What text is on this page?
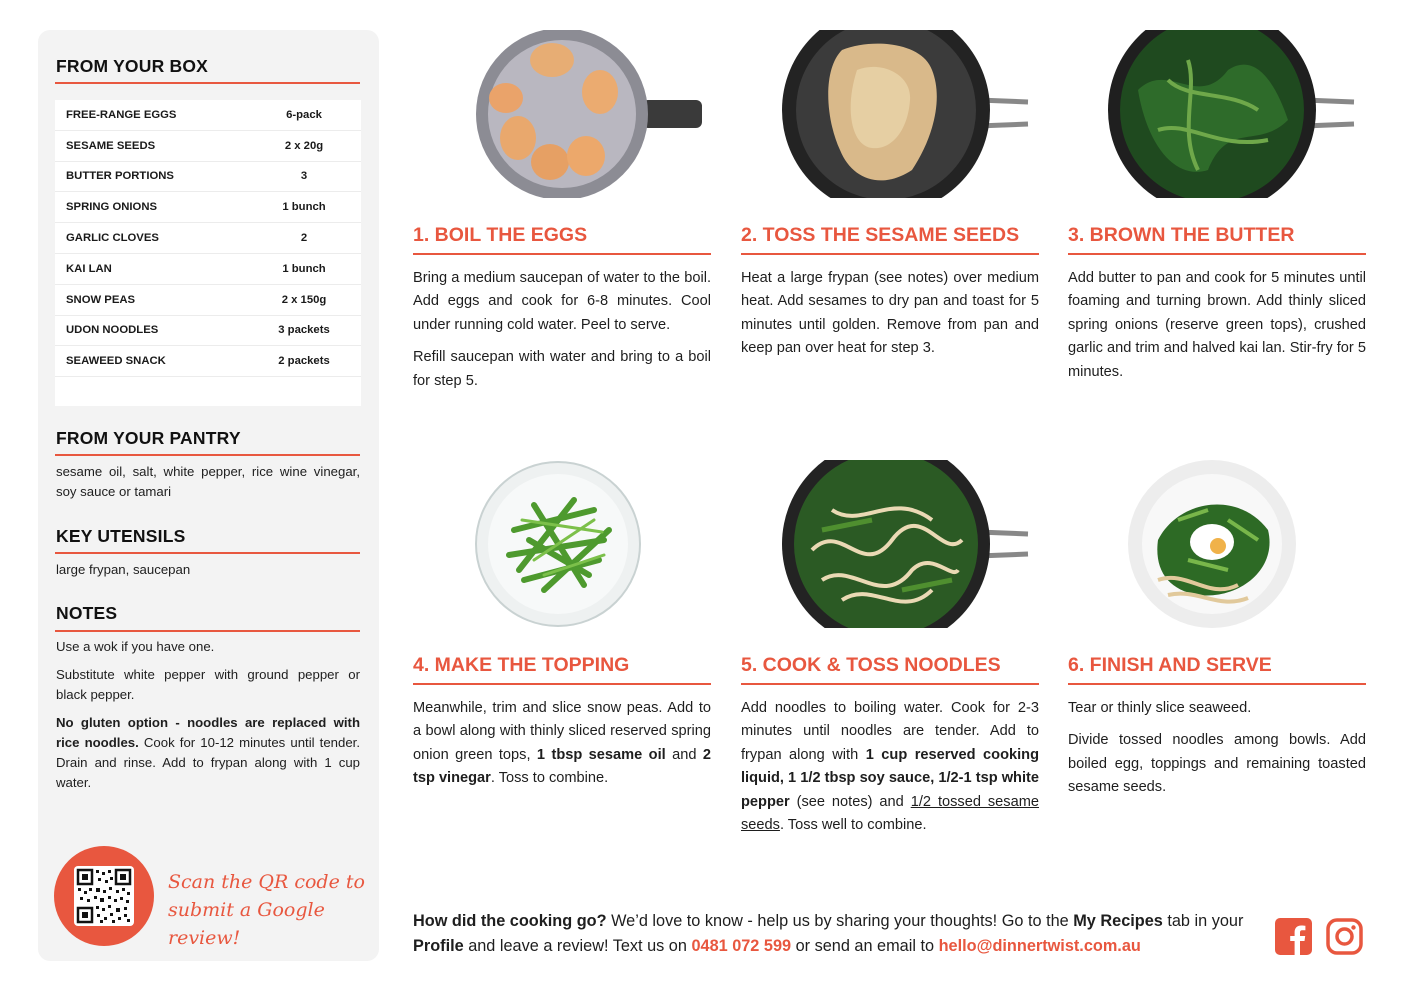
FROM YOUR BOX
FREE-RANGE EGGS	6-pack
SESAME SEEDS	2 x 20g
BUTTER PORTIONS	3
SPRING ONIONS	1 bunch
GARLIC CLOVES	2
KAI LAN	1 bunch
SNOW PEAS	2 x 150g
UDON NOODLES	3 packets
SEAWEED SNACK	2 packets
FROM YOUR PANTRY
sesame oil, salt, white pepper, rice wine vinegar, soy sauce or tamari
KEY UTENSILS
large frypan, saucepan
NOTES

Use a wok if you have one.

Substitute white pepper with ground pepper or black pepper.

No gluten option - noodles are replaced with rice noodles. Cook for 10-12 minutes until tender. Drain and rinse. Add to frypan along with 1 cup water.

Scan the QR code to submit a Google review!
1. BOIL THE EGGS

Bring a medium saucepan of water to the boil. Add eggs and cook for 6-8 minutes. Cool under running cold water. Peel to serve.

Refill saucepan with water and bring to a boil for step 5.

2. TOSS THE SESAME SEEDS

Heat a large frypan (see notes) over medium heat. Add sesames to dry pan and toast for 5 minutes until golden. Remove from pan and keep pan over heat for step 3.

3. BROWN THE BUTTER

Add butter to pan and cook for 5 minutes until foaming and turning brown. Add thinly sliced spring onions (reserve green tops), crushed garlic and trim and halved kai lan. Stir-fry for 5 minutes.

4. MAKE THE TOPPING

Meanwhile, trim and slice snow peas. Add to a bowl along with thinly sliced reserved spring onion green tops, 1 tbsp sesame oil and 2 tsp vinegar. Toss to combine.

5. COOK & TOSS NOODLES

Add noodles to boiling water. Cook for 2-3 minutes until noodles are tender. Add to frypan along with 1 cup reserved cooking liquid, 1 1/2 tbsp soy sauce, 1/2-1 tsp white pepper (see notes) and 1/2 tossed sesame seeds. Toss well to combine.

6. FINISH AND SERVE

Tear or thinly slice seaweed.

Divide tossed noodles among bowls. Add boiled egg, toppings and remaining toasted sesame seeds.

How did the cooking go? We’d love to know - help us by sharing your thoughts! Go to the My Recipes tab in your Profile and leave a review! Text us on 0481 072 599 or send an email to hello@dinnertwist.com.au
